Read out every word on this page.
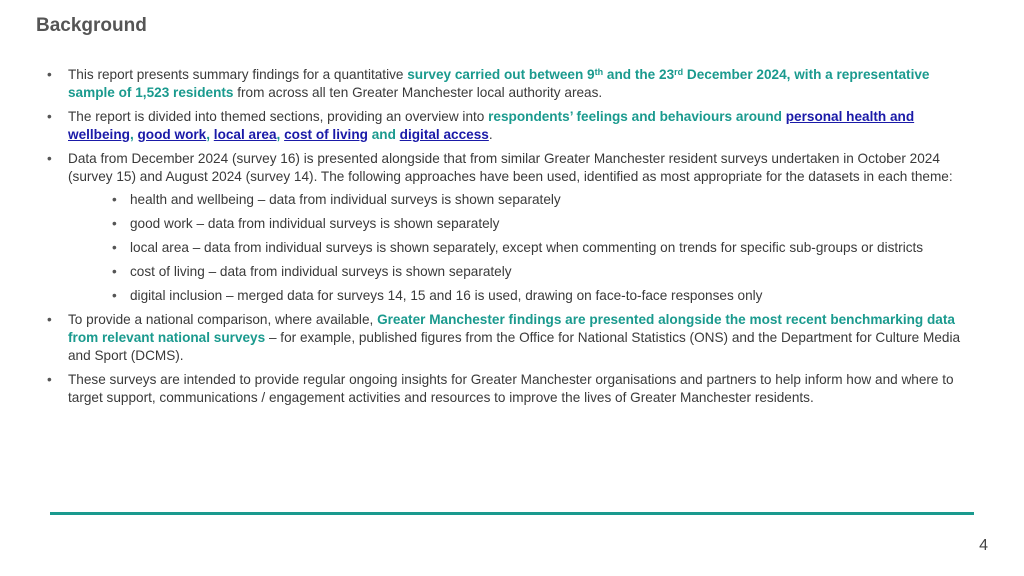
Background
• This report presents summary findings for a quantitative survey carried out between 9th and the 23rd December 2024, with a representative sample of 1,523 residents from across all ten Greater Manchester local authority areas.
• The report is divided into themed sections, providing an overview into respondents’ feelings and behaviours around personal health and wellbeing, good work, local area, cost of living and digital access.
• Data from December 2024 (survey 16) is presented alongside that from similar Greater Manchester resident surveys undertaken in October 2024 (survey 15) and August 2024 (survey 14). The following approaches have been used, identified as most appropriate for the datasets in each theme:
• health and wellbeing – data from individual surveys is shown separately
• good work – data from individual surveys is shown separately
• local area – data from individual surveys is shown separately, except when commenting on trends for specific sub-groups or districts
• cost of living – data from individual surveys is shown separately
• digital inclusion – merged data for surveys 14, 15 and 16 is used, drawing on face-to-face responses only
• To provide a national comparison, where available, Greater Manchester findings are presented alongside the most recent benchmarking data from relevant national surveys – for example, published figures from the Office for National Statistics (ONS) and the Department for Culture Media and Sport (DCMS).
• These surveys are intended to provide regular ongoing insights for Greater Manchester organisations and partners to help inform how and where to target support, communications / engagement activities and resources to improve the lives of Greater Manchester residents.
4
